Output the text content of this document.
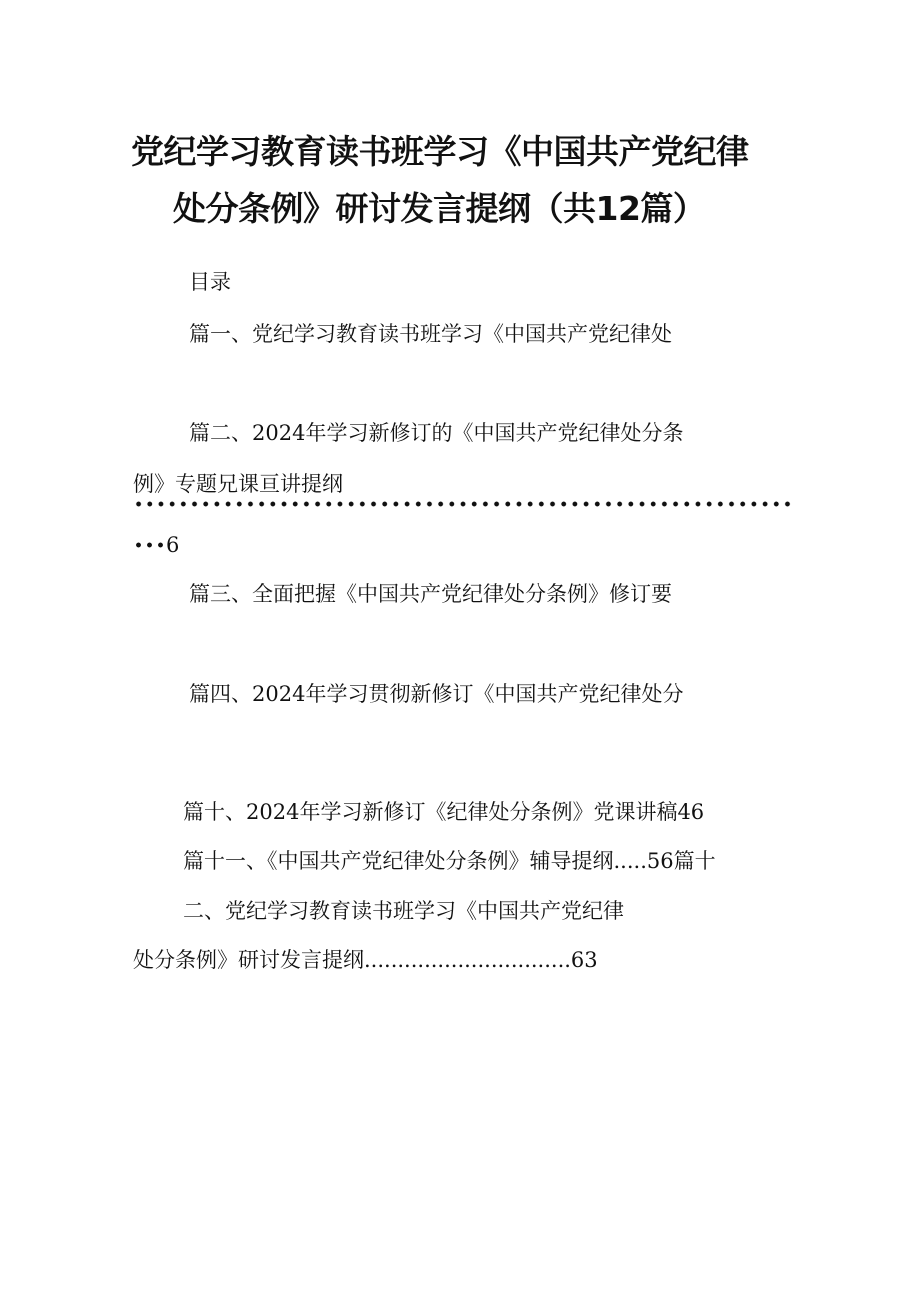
党纪学习教育读书班学习《中国共产党纪律
处分条例》研讨发言提纲（共12篇）
目录
篇一、党纪学习教育读书班学习《中国共产党纪律处
篇二、2024年学习新修订的《中国共产党纪律处分条
例》专题兄课亘讲提纲
6
篇三、全面把握《中国共产党纪律处分条例》修订要
篇四、2024年学习贯彻新修订《中国共产党纪律处分
篇十、2024年学习新修订《纪律处分条例》党课讲稿46
篇十一、《中国共产党纪律处分条例》辅导提纲.....56篇十
二、党纪学习教育读书班学习《中国共产党纪律
处分条例》研讨发言提纲...............................63
